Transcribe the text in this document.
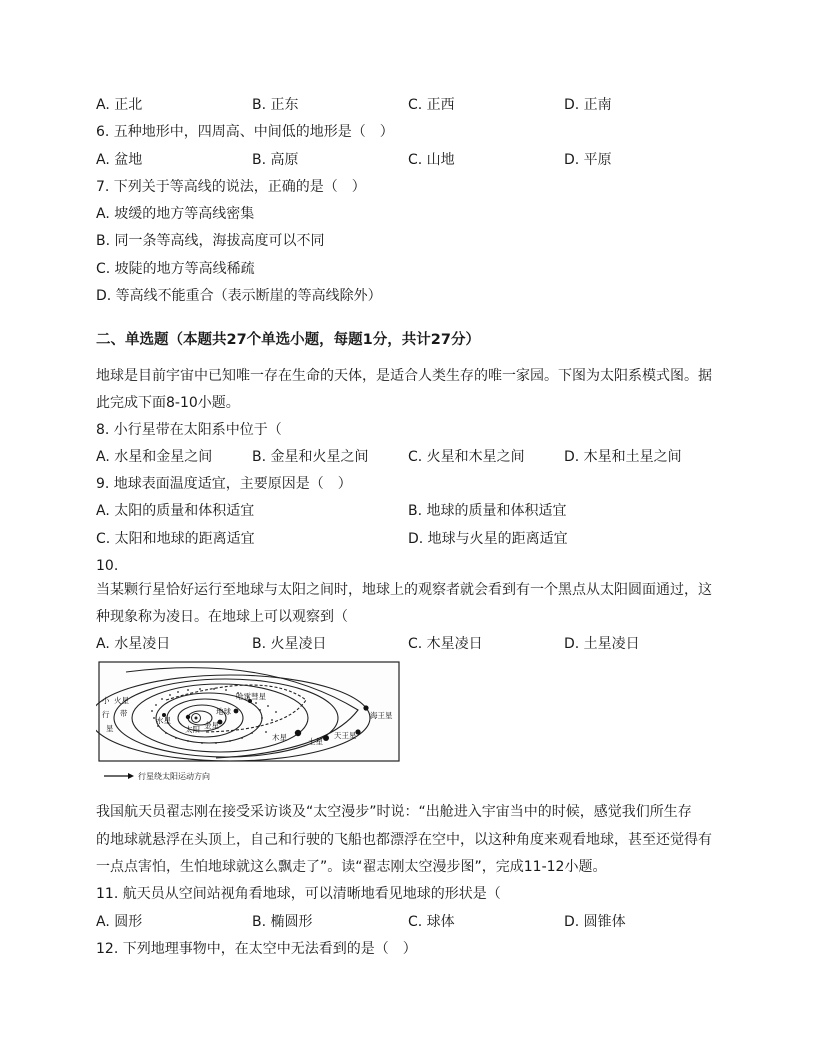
A. 正北	B. 正东	C. 正西	D. 正南
6. 五种地形中，四周高、中间低的地形是（　）
A. 盆地	B. 高原	C. 山地	D. 平原
7. 下列关于等高线的说法，正确的是（　）
A. 坡缓的地方等高线密集
B. 同一条等高线，海拔高度可以不同
C. 坡陡的地方等高线稀疏
D. 等高线不能重合（表示断崖的等高线除外）
二、单选题（本题共27个单选小题，每题1分，共计27分）
地球是目前宇宙中已知唯一存在生命的天体，是适合人类生存的唯一家园。下图为太阳系模式图。据
此完成下面8-10小题。
8. 小行星带在太阳系中位于（
A. 水星和金星之间	B. 金星和火星之间	C. 火星和木星之间	D. 木星和土星之间
9. 地球表面温度适宜，主要原因是（　）
A. 太阳的质量和体积适宜	B. 地球的质量和体积适宜
C. 太阳和地球的距离适宜	D. 地球与火星的距离适宜
10.
当某颗行星恰好运行至地球与太阳之间时，地球上的观察者就会看到有一个黑点从太阳圆面通过，这
种现象称为凌日。在地球上可以观察到（
A. 水星凌日	B. 火星凌日	C. 木星凌日	D. 土星凌日
小
行
星
带
火星
水星
金星
太阳
地球
哈雷彗星
木星	土星
天王星
海王星
行星绕太阳运动方向
我国航天员翟志刚在接受采访谈及“太空漫步”时说：“出舱进入宇宙当中的时候，感觉我们所生存
的地球就悬浮在头顶上，自己和行驶的飞船也都漂浮在空中，以这种角度来观看地球，甚至还觉得有
一点点害怕，生怕地球就这么飘走了”。读“翟志刚太空漫步图”，完成11-12小题。
11. 航天员从空间站视角看地球，可以清晰地看见地球的形状是（
A. 圆形	B. 椭圆形	C. 球体	D. 圆锥体
12. 下列地理事物中，在太空中无法看到的是（　）
